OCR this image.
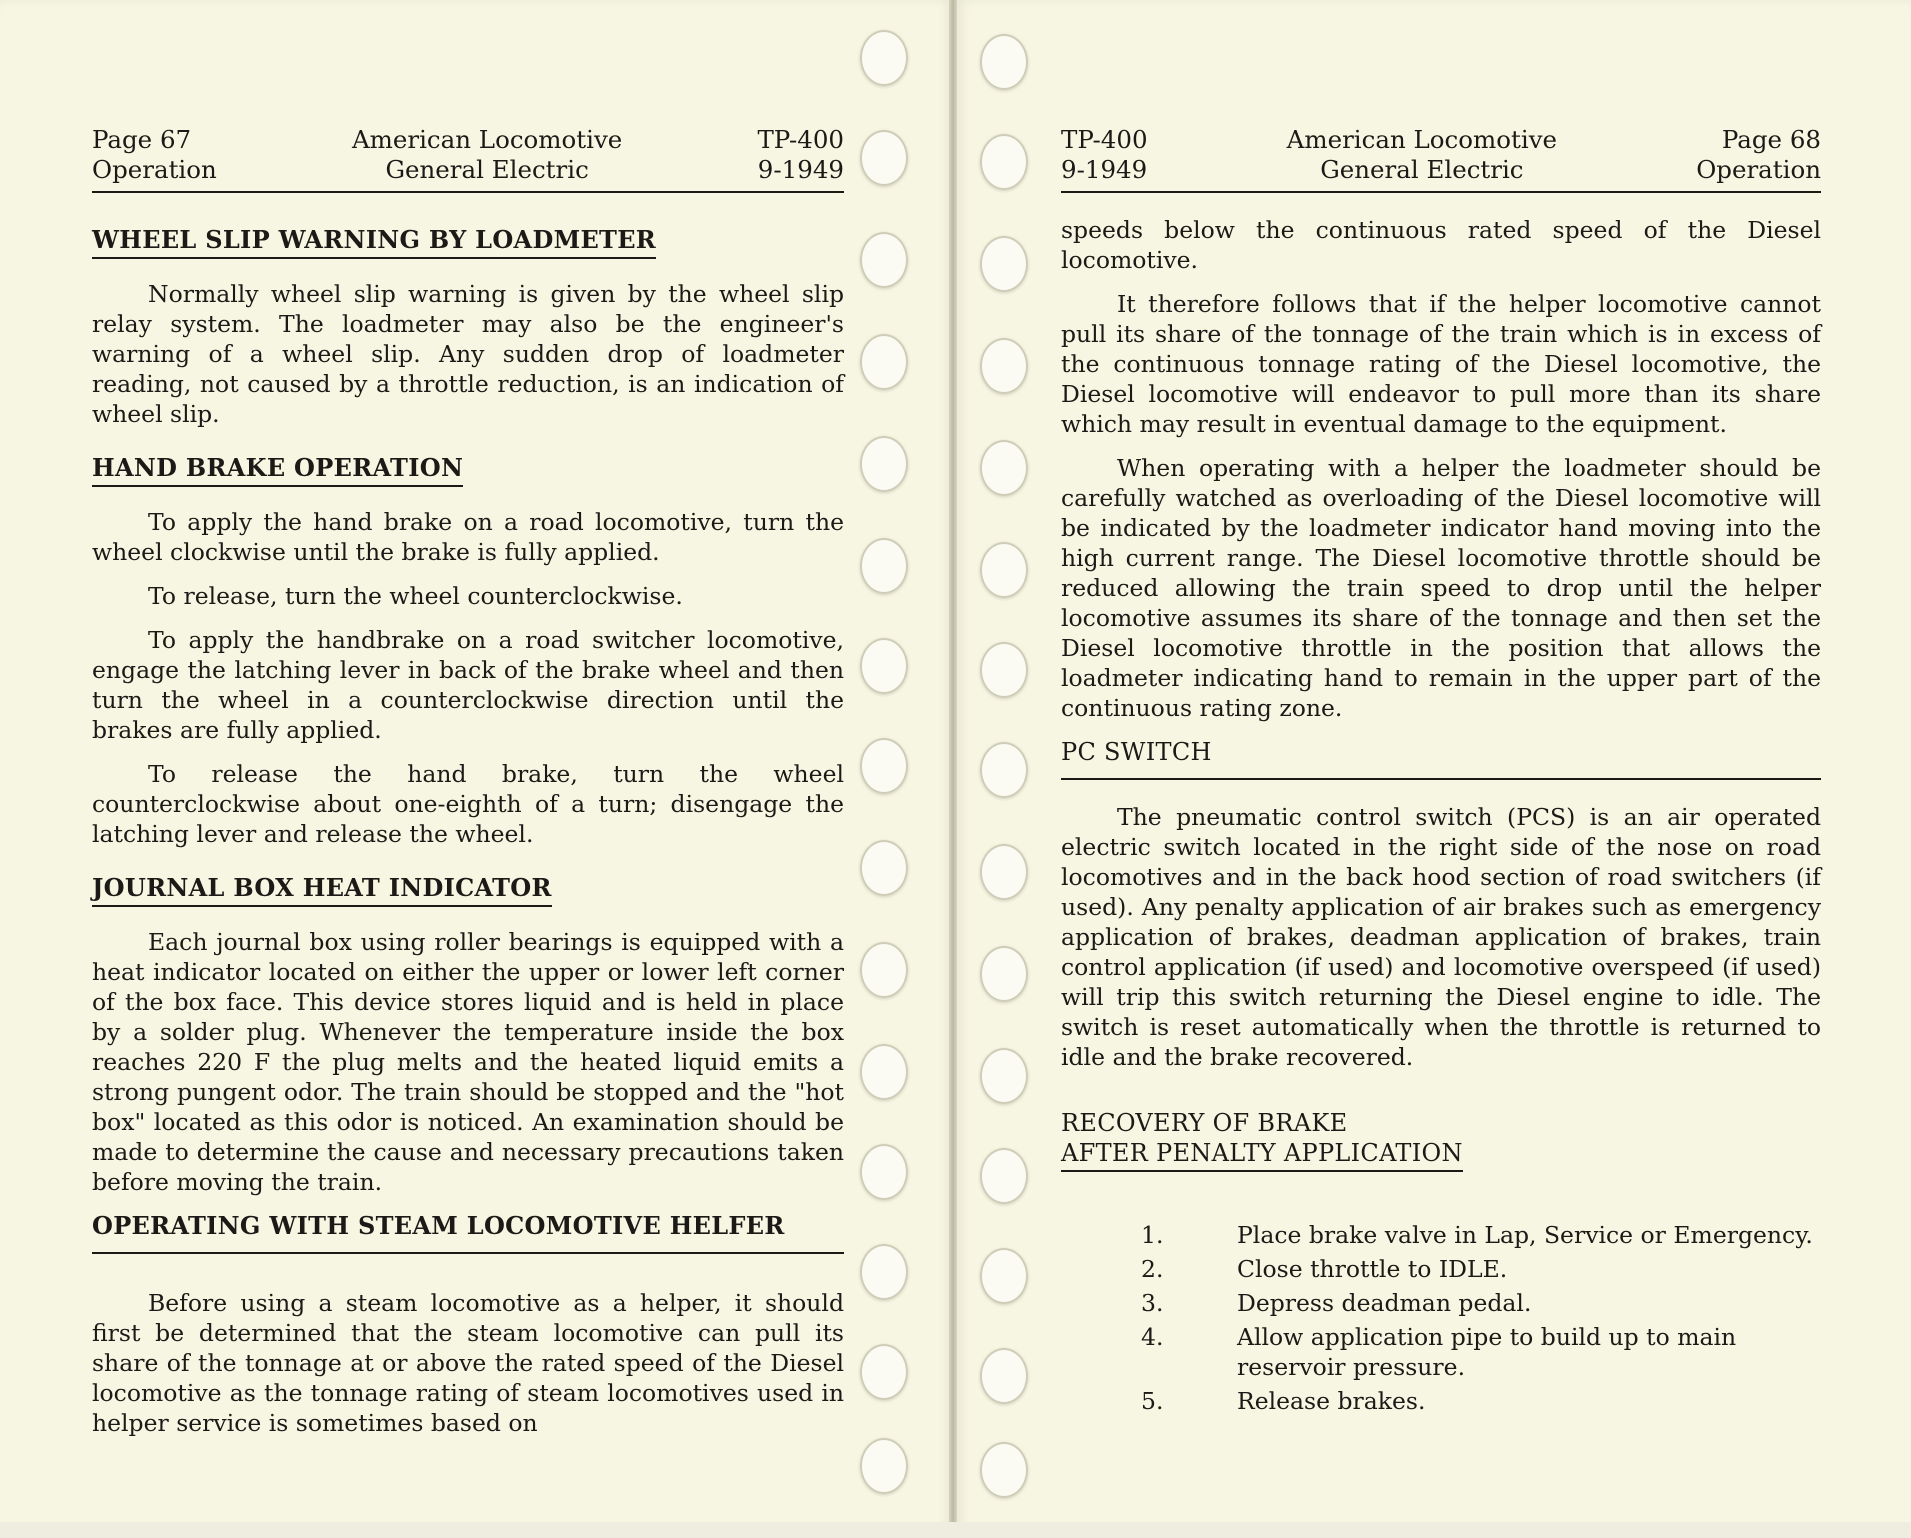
Page 67
Operation
American Locomotive
General Electric
TP-400
9-1949
WHEEL SLIP WARNING BY LOADMETER

Normally wheel slip warning is given by the wheel slip relay system. The loadmeter may also be the engineer's warning of a wheel slip. Any sudden drop of loadmeter reading, not caused by a throttle reduction, is an indication of wheel slip.

HAND BRAKE OPERATION

To apply the hand brake on a road locomotive, turn the wheel clockwise until the brake is fully applied.

To release, turn the wheel counterclockwise.

To apply the handbrake on a road switcher locomotive, engage the latching lever in back of the brake wheel and then turn the wheel in a counterclockwise direction until the brakes are fully applied.

To release the hand brake, turn the wheel counterclockwise about one-eighth of a turn; disengage the latching lever and release the wheel.

JOURNAL BOX HEAT INDICATOR

Each journal box using roller bearings is equipped with a heat indicator located on either the upper or lower left corner of the box face. This device stores liquid and is held in place by a solder plug. Whenever the temperature inside the box reaches 220 F the plug melts and the heated liquid emits a strong pungent odor. The train should be stopped and the "hot box" located as this odor is noticed. An examination should be made to determine the cause and necessary precautions taken before moving the train.

OPERATING WITH STEAM LOCOMOTIVE HELFER

Before using a steam locomotive as a helper, it should first be determined that the steam locomotive can pull its share of the tonnage at or above the rated speed of the Diesel locomotive as the tonnage rating of steam locomotives used in helper service is sometimes based on

TP-400
9-1949
American Locomotive
General Electric
Page 68
Operation

speeds below the continuous rated speed of the Diesel locomotive.

It therefore follows that if the helper locomotive cannot pull its share of the tonnage of the train which is in excess of the continuous tonnage rating of the Diesel locomotive, the Diesel locomotive will endeavor to pull more than its share which may result in eventual damage to the equipment.

When operating with a helper the loadmeter should be carefully watched as overloading of the Diesel locomotive will be indicated by the loadmeter indicator hand moving into the high current range. The Diesel locomotive throttle should be reduced allowing the train speed to drop until the helper locomotive assumes its share of the tonnage and then set the Diesel locomotive throttle in the position that allows the loadmeter indicating hand to remain in the upper part of the continuous rating zone.

PC SWITCH

The pneumatic control switch (PCS) is an air operated electric switch located in the right side of the nose on road locomotives and in the back hood section of road switchers (if used). Any penalty application of air brakes such as emergency application of brakes, deadman application of brakes, train control application (if used) and locomotive overspeed (if used) will trip this switch returning the Diesel engine to idle. The switch is reset automatically when the throttle is returned to idle and the brake recovered.

RECOVERY OF BRAKE
AFTER PENALTY APPLICATION
1.	Place brake valve in Lap, Service or Emergency.
2.	Close throttle to IDLE.
3.	Depress deadman pedal.
4.	Allow application pipe to build up to main reservoir pressure.
5.	Release brakes.
